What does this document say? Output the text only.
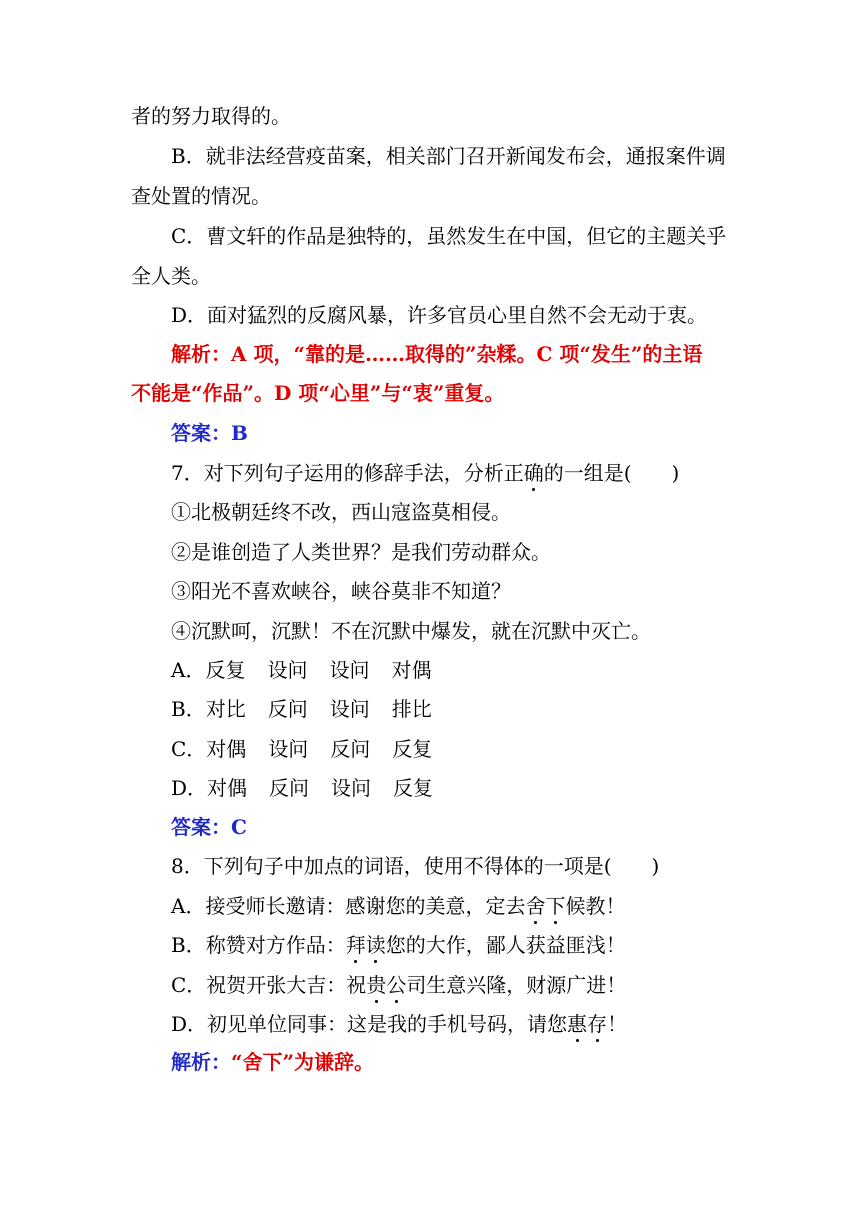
者的努力取得的。
B．就非法经营疫苗案，相关部门召开新闻发布会，通报案件调
查处置的情况。
C．曹文轩的作品是独特的，虽然发生在中国，但它的主题关乎
全人类。
D．面对猛烈的反腐风暴，许多官员心里自然不会无动于衷。
解析：A 项，“靠的是……取得的”杂糅。C 项“发生”的主语
不能是“作品”。D 项“心里”与“衷”重复。
答案：B
7．对下列句子运用的修辞手法，分析正确的一组是(　　)
①北极朝廷终不改，西山寇盗莫相侵。
②是谁创造了人类世界？是我们劳动群众。
③阳光不喜欢峡谷，峡谷莫非不知道？
④沉默呵，沉默！不在沉默中爆发，就在沉默中灭亡。
A．反复 设问 设问 对偶
B．对比 反问 设问 排比
C．对偶 设问 反问 反复
D．对偶 反问 设问 反复
答案：C
8．下列句子中加点的词语，使用不得体的一项是(　　)
A．接受师长邀请：感谢您的美意，定去舍下候教！
B．称赞对方作品：拜读您的大作，鄙人获益匪浅！
C．祝贺开张大吉：祝贵公司生意兴隆，财源广进！
D．初见单位同事：这是我的手机号码，请您惠存！
解析：“舍下”为谦辞。
